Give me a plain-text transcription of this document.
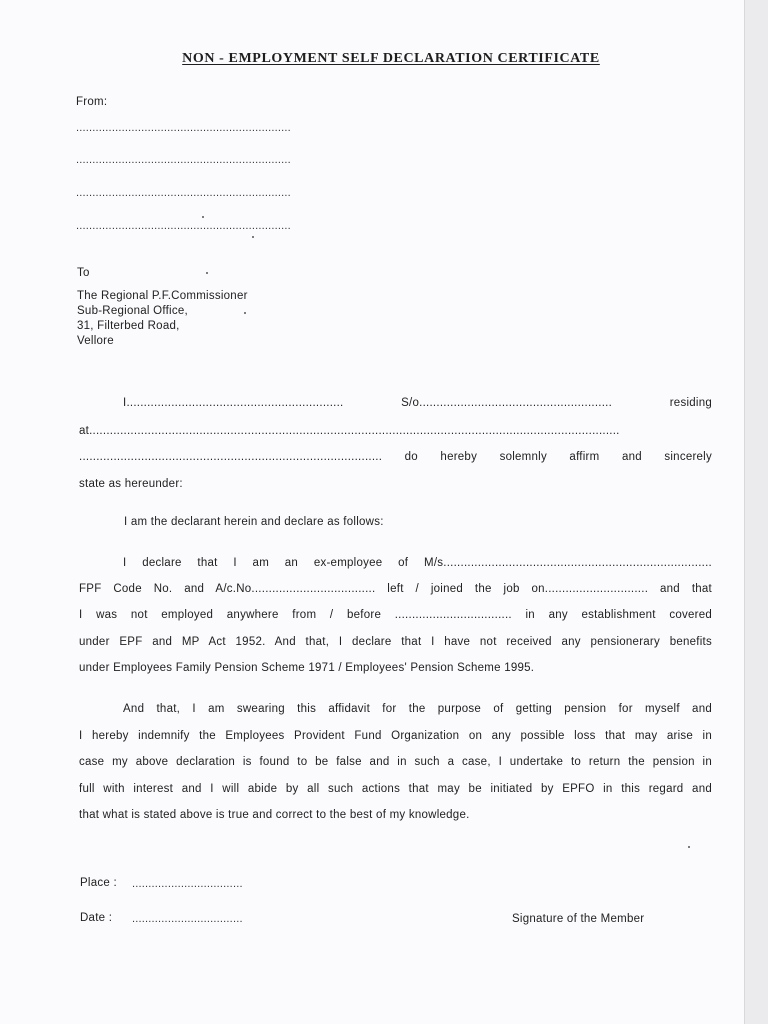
NON - EMPLOYMENT SELF DECLARATION CERTIFICATE
From:
..................................................................
..................................................................
..................................................................
..................................................................
To
The Regional P.F.Commissioner
Sub-Regional Office,
31, Filterbed Road,
Vellore
I............................................................... S/o........................................................ residing
at..........................................................................................................................................................
........................................................................................ do hereby solemnly affirm and sincerely
state as hereunder:
I am the declarant herein and declare as follows:
I declare that I am an ex-employee of M/s..............................................................................
FPF Code No. and A/c.No.................................... left / joined the job on.............................. and that
I was not employed anywhere from / before .................................. in any establishment covered
under EPF and MP Act 1952. And that, I declare that I have not received any pensionerary benefits
under Employees Family Pension Scheme 1971 / Employees' Pension Scheme 1995.
And that, I am swearing this affidavit for the purpose of getting pension for myself and
I hereby indemnify the Employees Provident Fund Organization on any possible loss that may arise in
case my above declaration is found to be false and in such a case, I undertake to return the pension in
full with interest and I will abide by all such actions that may be initiated by EPFO in this regard and
that what is stated above is true and correct to the best of my knowledge.
Place : ..................................
Date : ..................................	Signature of the Member
